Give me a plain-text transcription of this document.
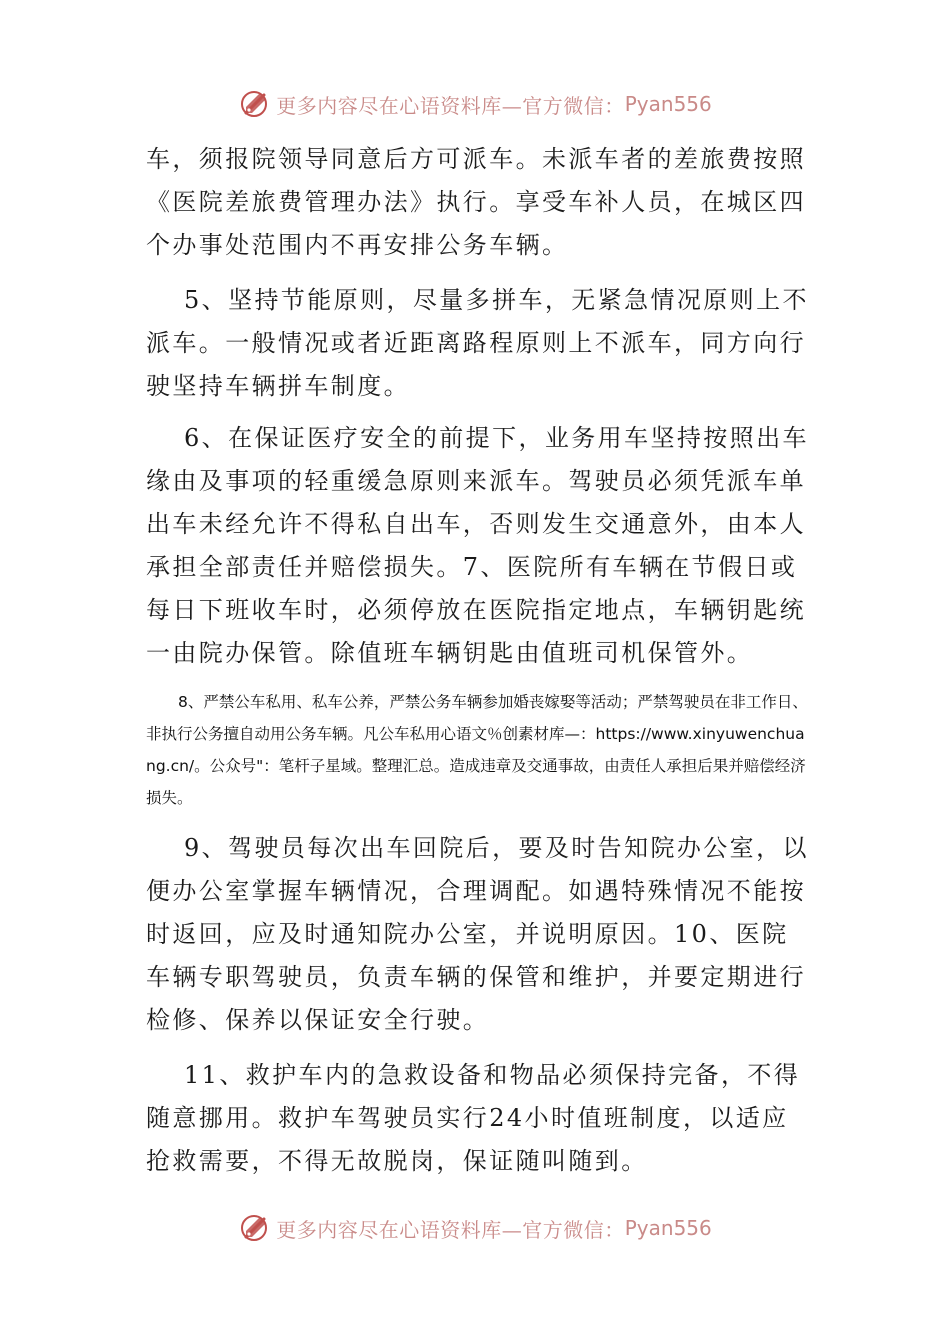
更多内容尽在心语资料库—官方微信： Pyan556

车，须报院领导同意后方可派车。未派车者的差旅费按照《医院差旅费管理办法》执行。享受车补人员，在城区四个办事处范围内不再安排公务车辆。

5、坚持节能原则，尽量多拼车，无紧急情况原则上不派车。一般情况或者近距离路程原则上不派车，同方向行驶坚持车辆拼车制度。

6、在保证医疗安全的前提下，业务用车坚持按照出车缘由及事项的轻重缓急原则来派车。驾驶员必须凭派车单出车未经允许不得私自出车，否则发生交通意外，由本人承担全部责任并赔偿损失。7、医院所有车辆在节假日或每日下班收车时，必须停放在医院指定地点，车辆钥匙统一由院办保管。除值班车辆钥匙由值班司机保管外。

8、严禁公车私用、私车公养，严禁公务车辆参加婚丧嫁娶等活动；严禁驾驶员在非工作日、非执行公务擅自动用公务车辆。凡公车私用心语文％创素材库—：https://www.xinyuwenchuang.cn/。公众号"：笔杆子星域。整理汇总。造成违章及交通事故，由责任人承担后果并赔偿经济损失。

9、驾驶员每次出车回院后，要及时告知院办公室，以便办公室掌握车辆情况，合理调配。如遇特殊情况不能按时返回，应及时通知院办公室，并说明原因。10、医院车辆专职驾驶员，负责车辆的保管和维护，并要定期进行检修、保养以保证安全行驶。

11、救护车内的急救设备和物品必须保持完备，不得随意挪用。救护车驾驶员实行24小时值班制度，以适应抢救需要，不得无故脱岗，保证随叫随到。

更多内容尽在心语资料库—官方微信： Pyan556
